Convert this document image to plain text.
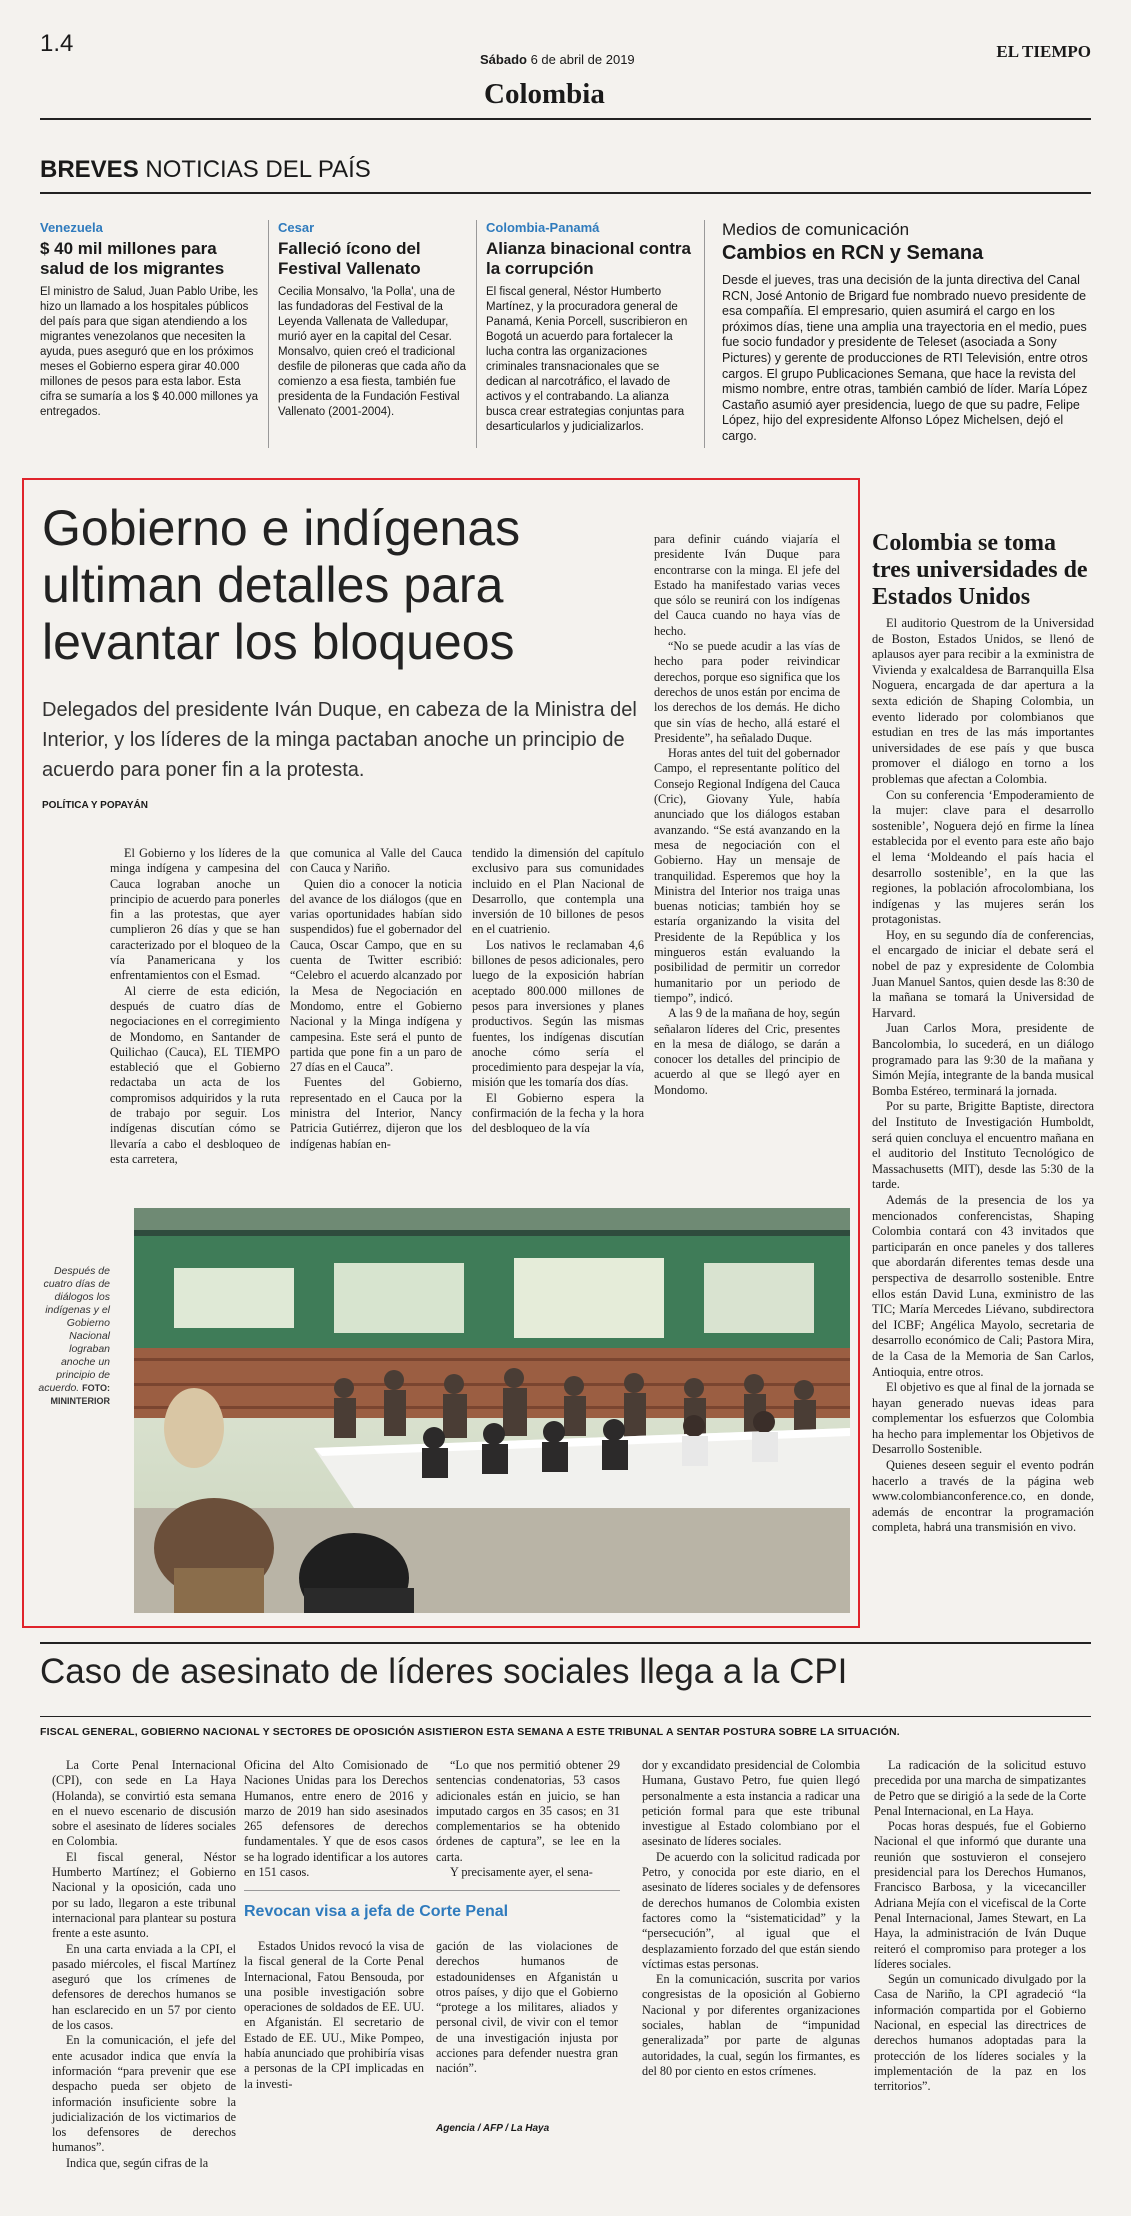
1.4
Sábado 6 de abril de 2019
Colombia
EL TIEMPO
BREVES NOTICIAS DEL PAÍS
Venezuela
$ 40 mil millones para salud de los migrantes
El ministro de Salud, Juan Pablo Uribe, les hizo un llamado a los hospitales públicos del país para que sigan atendiendo a los migrantes venezolanos que necesiten la ayuda, pues aseguró que en los próximos meses el Gobierno espera girar 40.000 millones de pesos para esta labor. Esta cifra se sumaría a los $ 40.000 millones ya entregados.
Cesar
Falleció ícono del Festival Vallenato
Cecilia Monsalvo, 'la Polla', una de las fundadoras del Festival de la Leyenda Vallenata de Valledupar, murió ayer en la capital del Cesar. Monsalvo, quien creó el tradicional desfile de piloneras que cada año da comienzo a esa fiesta, también fue presidenta de la Fundación Festival Vallenato (2001-2004).
Colombia-Panamá
Alianza binacional contra la corrupción
El fiscal general, Néstor Humberto Martínez, y la procuradora general de Panamá, Kenia Porcell, suscribieron en Bogotá un acuerdo para fortalecer la lucha contra las organizaciones criminales transnacionales que se dedican al narcotráfico, el lavado de activos y el contrabando. La alianza busca crear estrategias conjuntas para desarticularlos y judicializarlos.
Medios de comunicación
Cambios en RCN y Semana
Desde el jueves, tras una decisión de la junta directiva del Canal RCN, José Antonio de Brigard fue nombrado nuevo presidente de esa compañía. El empresario, quien asumirá el cargo en los próximos días, tiene una amplia una trayectoria en el medio, pues fue socio fundador y presidente de Teleset (asociada a Sony Pictures) y gerente de producciones de RTI Televisión, entre otros cargos. El grupo Publicaciones Semana, que hace la revista del mismo nombre, entre otras, también cambió de líder. María López Castaño asumió ayer presidencia, luego de que su padre, Felipe López, hijo del expresidente Alfonso López Michelsen, dejó el cargo.
Gobierno e indígenas ultiman detalles para levantar los bloqueos
Delegados del presidente Iván Duque, en cabeza de la Ministra del Interior, y los líderes de la minga pactaban anoche un principio de acuerdo para poner fin a la protesta.
POLÍTICA Y POPAYÁN

El Gobierno y los líderes de la minga indígena y campesina del Cauca lograban anoche un principio de acuerdo para ponerles fin a las protestas, que ayer cumplieron 26 días y que se han caracterizado por el bloqueo de la vía Panamericana y los enfrentamientos con el Esmad.

Al cierre de esta edición, después de cuatro días de negociaciones en el corregimiento de Mondomo, en Santander de Quilichao (Cauca), EL TIEMPO estableció que el Gobierno redactaba un acta de los compromisos adquiridos y la ruta de trabajo por seguir. Los indígenas discutían cómo se llevaría a cabo el desbloqueo de esta carretera,

que comunica al Valle del Cauca con Cauca y Nariño.

Quien dio a conocer la noticia del avance de los diálogos (que en varias oportunidades habían sido suspendidos) fue el gobernador del Cauca, Oscar Campo, que en su cuenta de Twitter escribió: “Celebro el acuerdo alcanzado por la Mesa de Negociación en Mondomo, entre el Gobierno Nacional y la Minga indígena y campesina. Este será el punto de partida que pone fin a un paro de 27 días en el Cauca”.

Fuentes del Gobierno, representado en el Cauca por la ministra del Interior, Nancy Patricia Gutiérrez, dijeron que los indígenas habían en-

tendido la dimensión del capítulo exclusivo para sus comunidades incluido en el Plan Nacional de Desarrollo, que contempla una inversión de 10 billones de pesos en el cuatrienio.

Los nativos le reclamaban 4,6 billones de pesos adicionales, pero luego de la exposición habrían aceptado 800.000 millones de pesos para inversiones y planes productivos. Según las mismas fuentes, los indígenas discutían anoche cómo sería el procedimiento para despejar la vía, misión que les tomaría dos días.

El Gobierno espera la confirmación de la fecha y la hora del desbloqueo de la vía

para definir cuándo viajaría el presidente Iván Duque para encontrarse con la minga. El jefe del Estado ha manifestado varias veces que sólo se reunirá con los indígenas del Cauca cuando no haya vías de hecho.

“No se puede acudir a las vías de hecho para poder reivindicar derechos, porque eso significa que los derechos de unos están por encima de los derechos de los demás. He dicho que sin vías de hecho, allá estaré el Presidente”, ha señalado Duque.

Horas antes del tuit del gobernador Campo, el representante político del Consejo Regional Indígena del Cauca (Cric), Giovany Yule, había anunciado que los diálogos estaban avanzando. “Se está avanzando en la mesa de negociación con el Gobierno. Hay un mensaje de tranquilidad. Esperemos que hoy la Ministra del Interior nos traiga unas buenas noticias; también hoy se estaría organizando la visita del Presidente de la República y los mingueros están evaluando la posibilidad de permitir un corredor humanitario por un periodo de tiempo”, indicó.

A las 9 de la mañana de hoy, según señalaron líderes del Cric, presentes en la mesa de diálogo, se darán a conocer los detalles del principio de acuerdo al que se llegó ayer en Mondomo.

Después de cuatro días de diálogos los indígenas y el Gobierno Nacional lograban anoche un principio de acuerdo. FOTO: MININTERIOR
Colombia se toma tres universidades de Estados Unidos

El auditorio Questrom de la Universidad de Boston, Estados Unidos, se llenó de aplausos ayer para recibir a la exministra de Vivienda y exalcaldesa de Barranquilla Elsa Noguera, encargada de dar apertura a la sexta edición de Shaping Colombia, un evento liderado por colombianos que estudian en tres de las más importantes universidades de ese país y que busca promover el diálogo en torno a los problemas que afectan a Colombia.

Con su conferencia ‘Empoderamiento de la mujer: clave para el desarrollo sostenible’, Noguera dejó en firme la línea establecida por el evento para este año bajo el lema ‘Moldeando el país hacia el desarrollo sostenible’, en la que las regiones, la población afrocolombiana, los indígenas y las mujeres serán los protagonistas.

Hoy, en su segundo día de conferencias, el encargado de iniciar el debate será el nobel de paz y expresidente de Colombia Juan Manuel Santos, quien desde las 8:30 de la mañana se tomará la Universidad de Harvard.

Juan Carlos Mora, presidente de Bancolombia, lo sucederá, en un diálogo programado para las 9:30 de la mañana y Simón Mejía, integrante de la banda musical Bomba Estéreo, terminará la jornada.

Por su parte, Brigitte Baptiste, directora del Instituto de Investigación Humboldt, será quien concluya el encuentro mañana en el auditorio del Instituto Tecnológico de Massachusetts (MIT), desde las 5:30 de la tarde.

Además de la presencia de los ya mencionados conferencistas, Shaping Colombia contará con 43 invitados que participarán en once paneles y dos talleres que abordarán diferentes temas desde una perspectiva de desarrollo sostenible. Entre ellos están David Luna, exministro de las TIC; María Mercedes Liévano, subdirectora del ICBF; Angélica Mayolo, secretaria de desarrollo económico de Cali; Pastora Mira, de la Casa de la Memoria de San Carlos, Antioquia, entre otros.

El objetivo es que al final de la jornada se hayan generado nuevas ideas para complementar los esfuerzos que Colombia ha hecho para implementar los Objetivos de Desarrollo Sostenible.

Quienes deseen seguir el evento podrán hacerlo a través de la página web www.colombianconference.co, en donde, además de encontrar la programación completa, habrá una transmisión en vivo.

Caso de asesinato de líderes sociales llega a la CPI
FISCAL GENERAL, GOBIERNO NACIONAL Y SECTORES DE OPOSICIÓN ASISTIERON ESTA SEMANA A ESTE TRIBUNAL A SENTAR POSTURA SOBRE LA SITUACIÓN.

La Corte Penal Internacional (CPI), con sede en La Haya (Holanda), se convirtió esta semana en el nuevo escenario de discusión sobre el asesinato de líderes sociales en Colombia.

El fiscal general, Néstor Humberto Martínez; el Gobierno Nacional y la oposición, cada uno por su lado, llegaron a este tribunal internacional para plantear su postura frente a este asunto.

En una carta enviada a la CPI, el pasado miércoles, el fiscal Martínez aseguró que los crímenes de defensores de derechos humanos se han esclarecido en un 57 por ciento de los casos.

En la comunicación, el jefe del ente acusador indica que envía la información “para prevenir que ese despacho pueda ser objeto de información insuficiente sobre la judicialización de los victimarios de los defensores de derechos humanos”.

Indica que, según cifras de la

Oficina del Alto Comisionado de Naciones Unidas para los Derechos Humanos, entre enero de 2016 y marzo de 2019 han sido asesinados 265 defensores de derechos fundamentales. Y que de esos casos se ha logrado identificar a los autores en 151 casos.

“Lo que nos permitió obtener 29 sentencias condenatorias, 53 casos adicionales están en juicio, se han imputado cargos en 35 casos; en 31 complementarios se ha obtenido órdenes de captura”, se lee en la carta.

Y precisamente ayer, el sena-

Revocan visa a jefa de Corte Penal
Estados Unidos revocó la visa de la fiscal general de la Corte Penal Internacional, Fatou Bensouda, por una posible investigación sobre operaciones de soldados de EE. UU. en Afganistán. El secretario de Estado de EE. UU., Mike Pompeo, había anunciado que prohibiría visas a personas de la CPI implicadas en la investi-
gación de las violaciones de derechos humanos de estadounidenses en Afganistán u otros países, y dijo que el Gobierno “protege a los militares, aliados y personal civil, de vivir con el temor de una investigación injusta por acciones para defender nuestra gran nación”.
Agencia / AFP / La Haya

dor y excandidato presidencial de Colombia Humana, Gustavo Petro, fue quien llegó personalmente a esta instancia a radicar una petición formal para que este tribunal investigue al Estado colombiano por el asesinato de líderes sociales.

De acuerdo con la solicitud radicada por Petro, y conocida por este diario, en el asesinato de líderes sociales y de defensores de derechos humanos de Colombia existen factores como la “sistematicidad” y la “persecución”, al igual que el desplazamiento forzado del que están siendo víctimas estas personas.

En la comunicación, suscrita por varios congresistas de la oposición al Gobierno Nacional y por diferentes organizaciones sociales, hablan de “impunidad generalizada” por parte de algunas autoridades, la cual, según los firmantes, es del 80 por ciento en estos crímenes.

La radicación de la solicitud estuvo precedida por una marcha de simpatizantes de Petro que se dirigió a la sede de la Corte Penal Internacional, en La Haya.

Pocas horas después, fue el Gobierno Nacional el que informó que durante una reunión que sostuvieron el consejero presidencial para los Derechos Humanos, Francisco Barbosa, y la vicecanciller Adriana Mejía con el vicefiscal de la Corte Penal Internacional, James Stewart, en La Haya, la administración de Iván Duque reiteró el compromiso para proteger a los líderes sociales.

Según un comunicado divulgado por la Casa de Nariño, la CPI agradeció “la información compartida por el Gobierno Nacional, en especial las directrices de derechos humanos adoptadas para la protección de los líderes sociales y la implementación de la paz en los territorios”.
